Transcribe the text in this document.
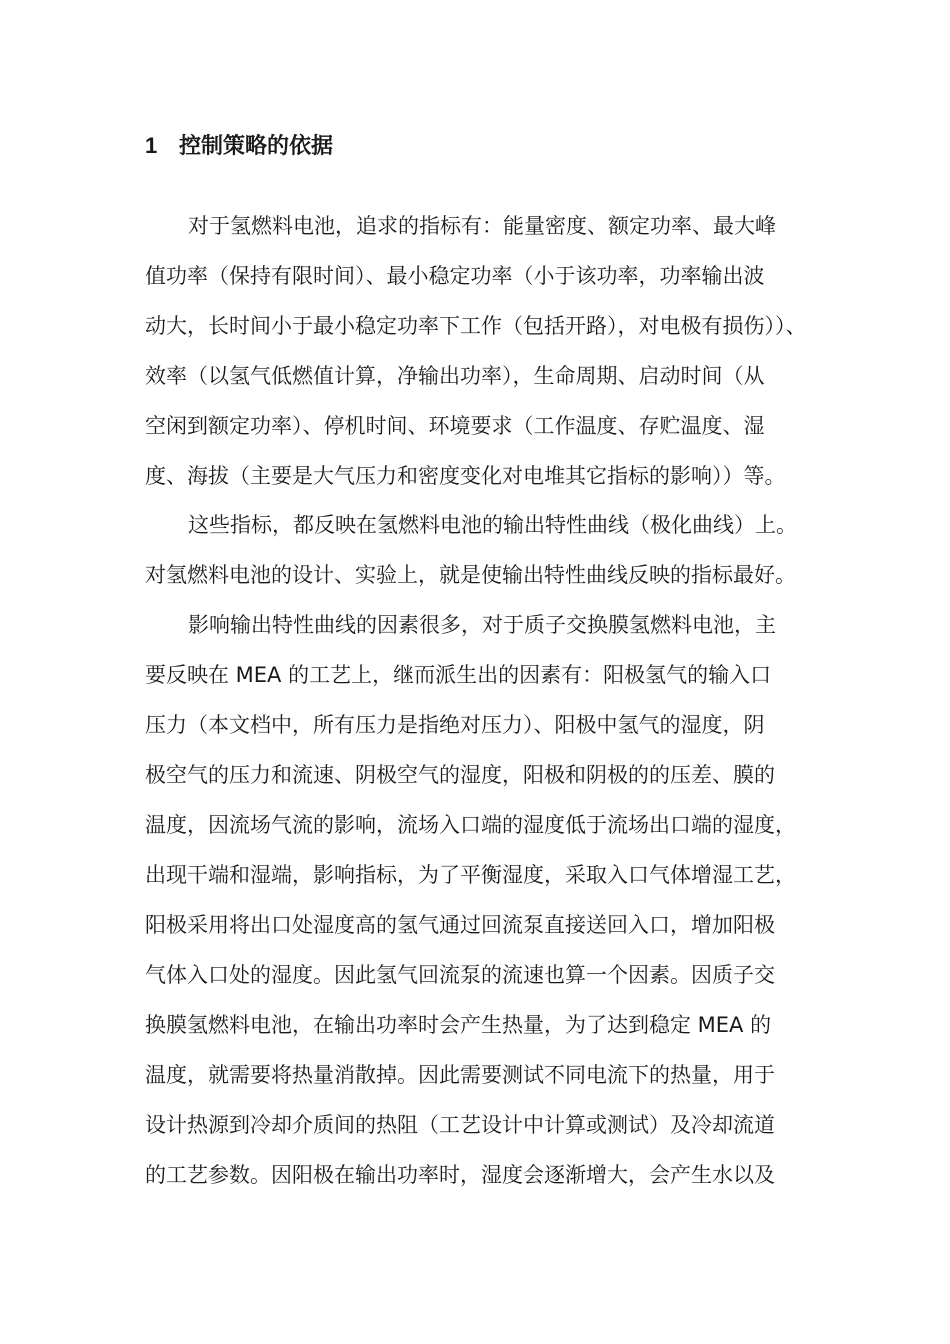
1 控制策略的依据
对于氢燃料电池，追求的指标有：能量密度、额定功率、最大峰
值功率（保持有限时间）、最小稳定功率（小于该功率，功率输出波
动大，长时间小于最小稳定功率下工作（包括开路），对电极有损伤））、
效率（以氢气低燃值计算，净输出功率），生命周期、启动时间（从
空闲到额定功率）、停机时间、环境要求（工作温度、存贮温度、湿
度、海拔（主要是大气压力和密度变化对电堆其它指标的影响））等。
这些指标，都反映在氢燃料电池的输出特性曲线（极化曲线）上。
对氢燃料电池的设计、实验上，就是使输出特性曲线反映的指标最好。
影响输出特性曲线的因素很多，对于质子交换膜氢燃料电池，主
要反映在 MEA 的工艺上，继而派生出的因素有：阳极氢气的输入口
压力（本文档中，所有压力是指绝对压力）、阳极中氢气的湿度，阴
极空气的压力和流速、阴极空气的湿度，阳极和阴极的的压差、膜的
温度，因流场气流的影响，流场入口端的湿度低于流场出口端的湿度，
出现干端和湿端，影响指标，为了平衡湿度，采取入口气体增湿工艺，
阳极采用将出口处湿度高的氢气通过回流泵直接送回入口，增加阳极
气体入口处的湿度。因此氢气回流泵的流速也算一个因素。因质子交
换膜氢燃料电池，在输出功率时会产生热量，为了达到稳定 MEA 的
温度，就需要将热量消散掉。因此需要测试不同电流下的热量，用于
设计热源到冷却介质间的热阻（工艺设计中计算或测试）及冷却流道
的工艺参数。因阳极在输出功率时，湿度会逐渐增大，会产生水以及
